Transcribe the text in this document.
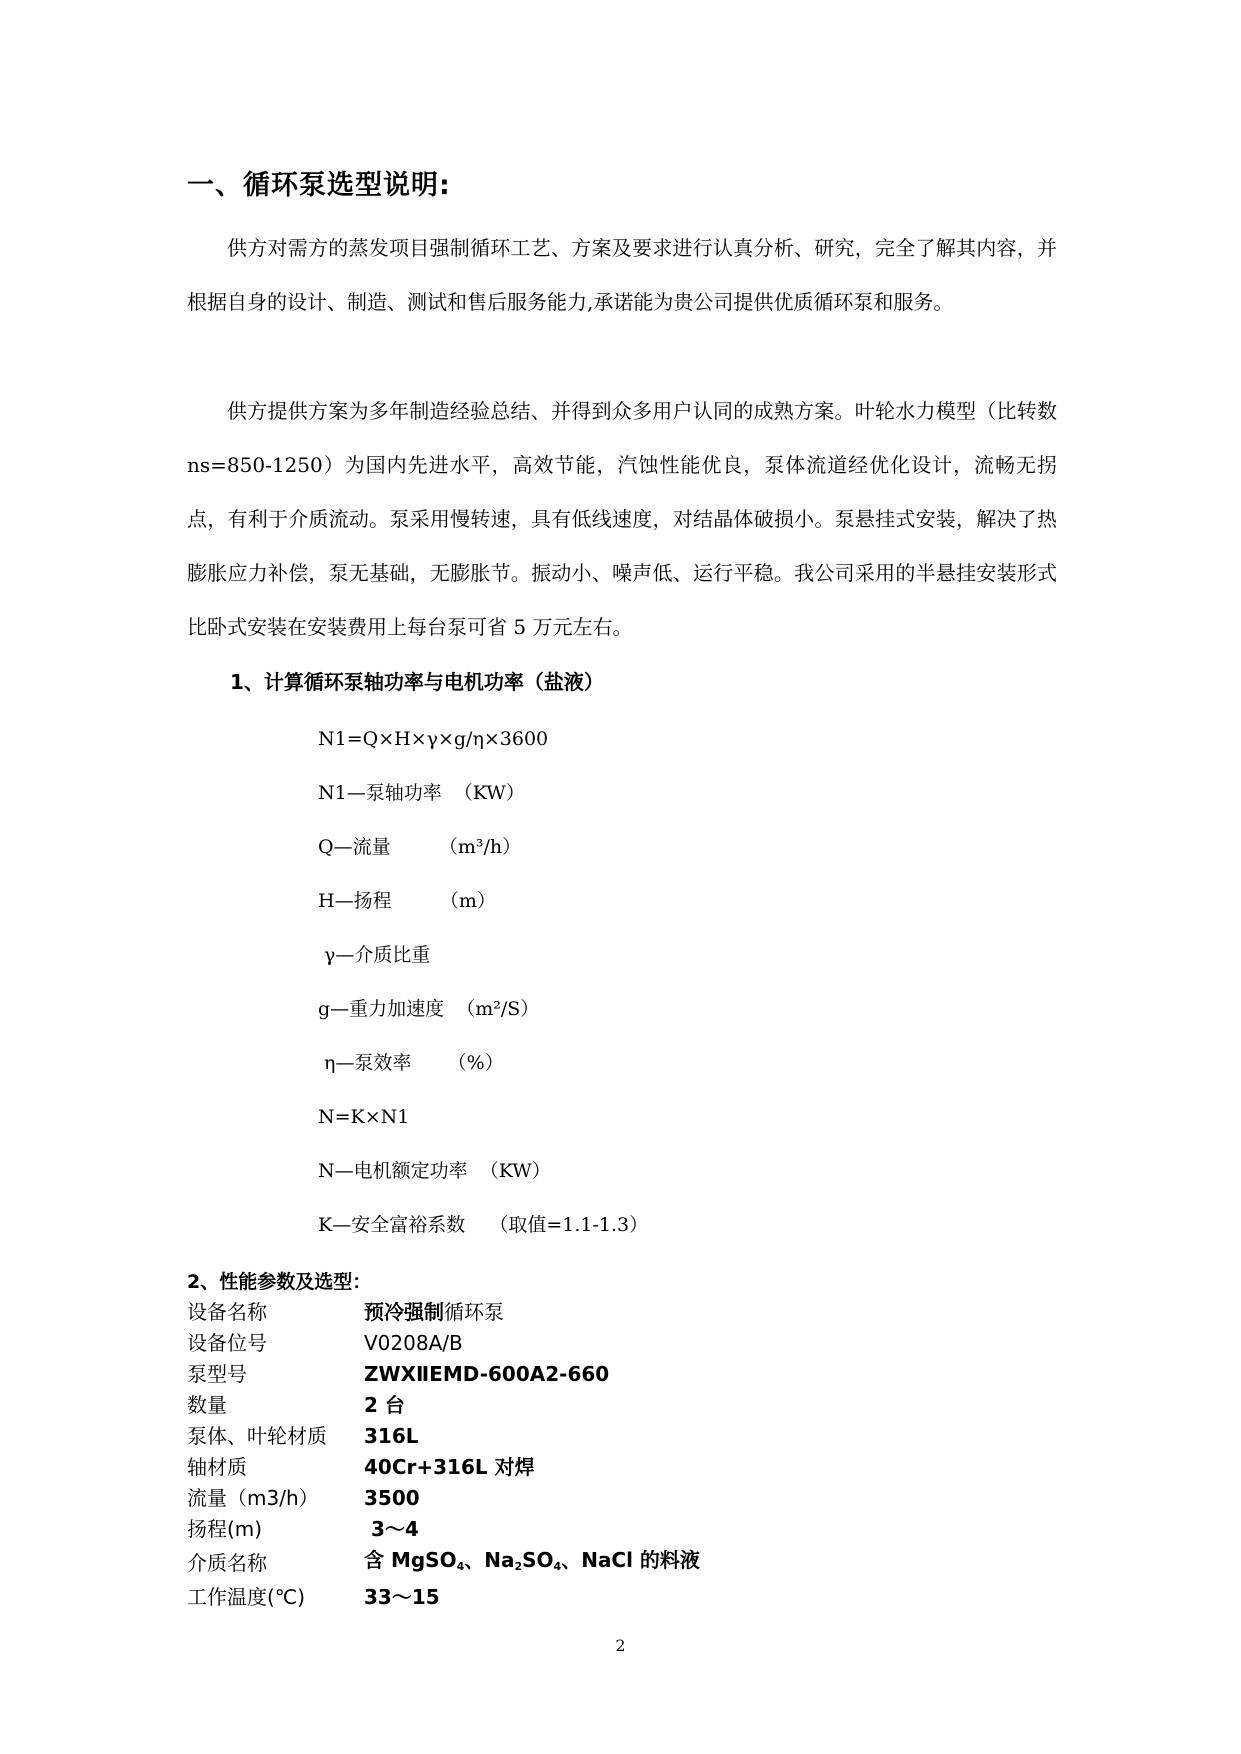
一、循环泵选型说明:

供方对需方的蒸发项目强制循环工艺、方案及要求进行认真分析、研究，完全了解其内容，并根据自身的设计、制造、测试和售后服务能力,承诺能为贵公司提供优质循环泵和服务。

供方提供方案为多年制造经验总结、并得到众多用户认同的成熟方案。叶轮水力模型（比转数 ns=850-1250）为国内先进水平，高效节能，汽蚀性能优良，泵体流道经优化设计，流畅无拐点，有利于介质流动。泵采用慢转速，具有低线速度，对结晶体破损小。泵悬挂式安装，解决了热膨胀应力补偿，泵无基础，无膨胀节。振动小、噪声低、运行平稳。我公司采用的半悬挂安装形式比卧式安装在安装费用上每台泵可省 5 万元左右。

1、计算循环泵轴功率与电机功率（盐液）
N1=Q×H×γ×g/η×3600
N1—泵轴功率  （KW）
Q—流量        （m³/h）
H—扬程        （m）
γ—介质比重
g—重力加速度  （m²/S）
η—泵效率      （%）
N=K×N1
N—电机额定功率  （KW）
K—安全富裕系数    （取值=1.1-1.3）
2、性能参数及选型：
设备名称	预冷强制循环泵
设备位号	V0208A/B
泵型号	ZWXⅡEMD-600A2-660
数量	2 台
泵体、叶轮材质	316L
轴材质	40Cr+316L 对焊
流量（m3/h）	3500
扬程(m)	3～4
介质名称	含 MgSO$_4$、$Na_2SO_4$、NaCl 的料液
工作温度(℃)	33～15
2
